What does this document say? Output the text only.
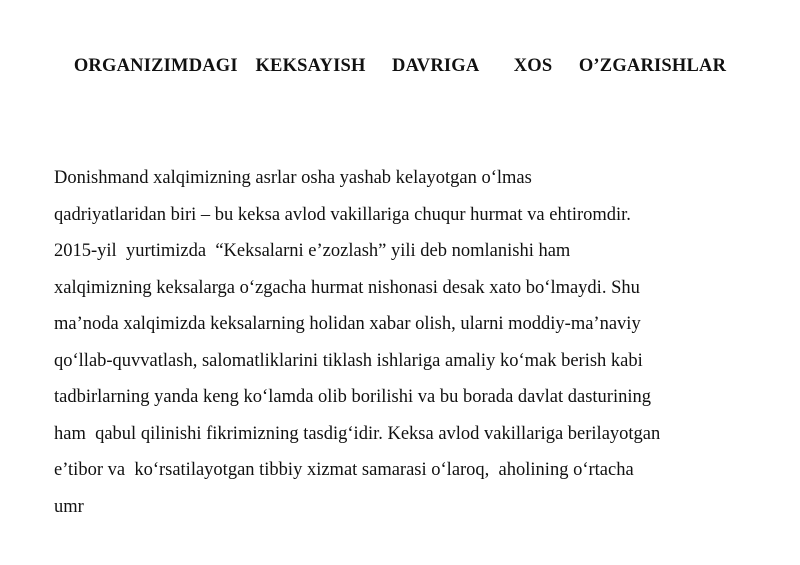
ORGANIZIMDAGI  KEKSAYISH   DAVRIGA    XOS   O’ZGARISHLAR
Donishmand xalqimizning asrlar osha yashab kelayotgan o‘lmas
qadriyatlaridan biri – bu keksa avlod vakillariga chuqur hurmat va ehtiromdir.
2015-yil  yurtimizda  “Keksalarni e’zozlash” yili deb nomlanishi ham
xalqimizning keksalarga o‘zgacha hurmat nishonasi desak xato bo‘lmaydi. Shu
ma’noda xalqimizda keksalarning holidan xabar olish, ularni moddiy-ma’naviy
qo‘llab-quvvatlash, salomatliklarini tiklash ishlariga amaliy ko‘mak berish kabi
tadbirlarning yanda keng ko‘lamda olib borilishi va bu borada davlat dasturining
ham  qabul qilinishi fikrimizning tasdig‘idir. Keksa avlod vakillariga berilayotgan
e’tibor va  ko‘rsatilayotgan tibbiy xizmat samarasi o‘laroq,  aholining o‘rtacha
umr
